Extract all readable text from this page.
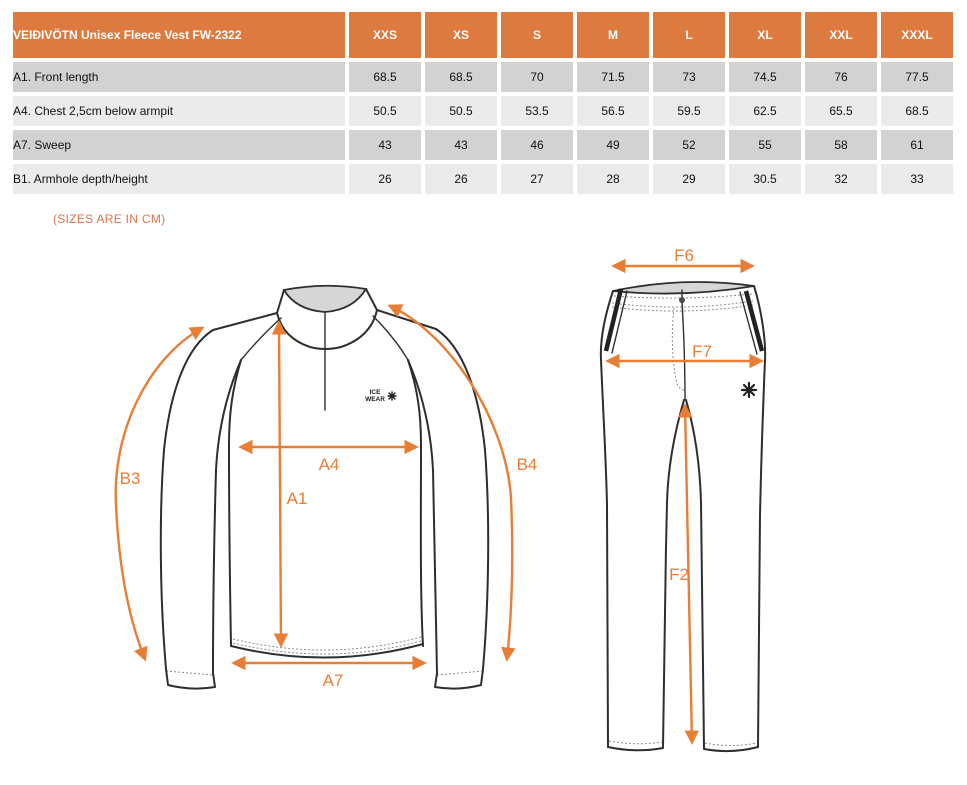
VEIÐIVÖTN Unisex Fleece Vest FW-2322	XXS	XS	S	M	L	XL	XXL	XXXL
A1. Front length	68.5	68.5	70	71.5	73	74.5	76	77.5
A4. Chest 2,5cm below armpit	50.5	50.5	53.5	56.5	59.5	62.5	65.5	68.5
A7. Sweep	43	43	46	49	52	55	58	61
B1. Armhole depth/height	26	26	27	28	29	30.5	32	33
(SIZES ARE IN CM)
ICE
WEAR
B3
A4
A1
B4
A7
F6
F7
F2
